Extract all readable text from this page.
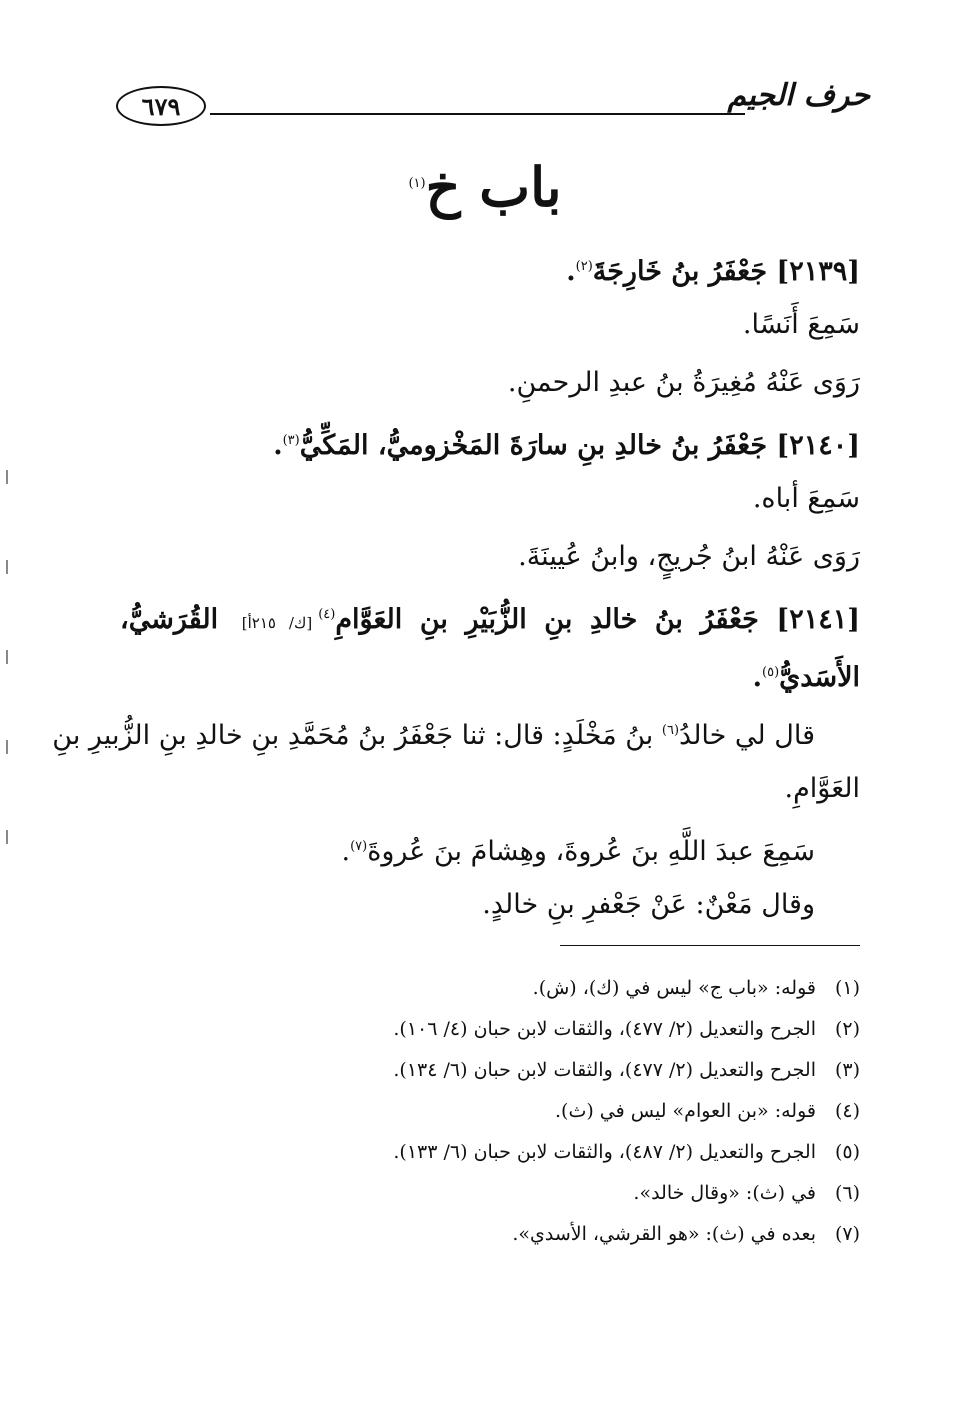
٦٧٩	حرف الجيم
باب خ$^{(١)}$
[٢١٣٩] جَعْفَرُ بنُ خَارِجَةَ$^{(٢)}$.
سَمِعَ أَنَسًا.
رَوَى عَنْهُ مُغِيرَةُ بنُ عبدِ الرحمنِ.
[٢١٤٠] جَعْفَرُ بنُ خالدِ بنِ سارَةَ المَخْزوميُّ، المَكِّيُّ$^{(٣)}$.
سَمِعَ أباه.
رَوَى عَنْهُ ابنُ جُريجٍ، وابنُ عُيينَةَ.
[٢١٤١] جَعْفَرُ بنُ خالدِ بنِ الزُّبَيْرِ بنِ العَوَّامِ$^{(٤)}$[ك/ ٢١٥أ] القُرَشيُّ،
الأَسَديُّ$^{(٥)}$.
قال لي خالدُ$^{(٦)}$ بنُ مَخْلَدٍ: قال: ثنا جَعْفَرُ بنُ مُحَمَّدِ بنِ خالدِ بنِ الزُّبيرِ بنِ
العَوَّامِ.
سَمِعَ عبدَ اللَّهِ بنَ عُروةَ، وهِشامَ بنَ عُروةَ$^{(٧)}$.
وقال مَعْنٌ: عَنْ جَعْفرِ بنِ خالدٍ.
(١)قوله: «باب ج» ليس في (ك)، (ش).
(٢)الجرح والتعديل (٢/ ٤٧٧)، والثقات لابن حبان (٤/ ١٠٦).
(٣)الجرح والتعديل (٢/ ٤٧٧)، والثقات لابن حبان (٦/ ١٣٤).
(٤)قوله: «بن العوام» ليس في (ث).
(٥)الجرح والتعديل (٢/ ٤٨٧)، والثقات لابن حبان (٦/ ١٣٣).
(٦)في (ث): «وقال خالد».
(٧)بعده في (ث): «هو القرشي، الأسدي».
